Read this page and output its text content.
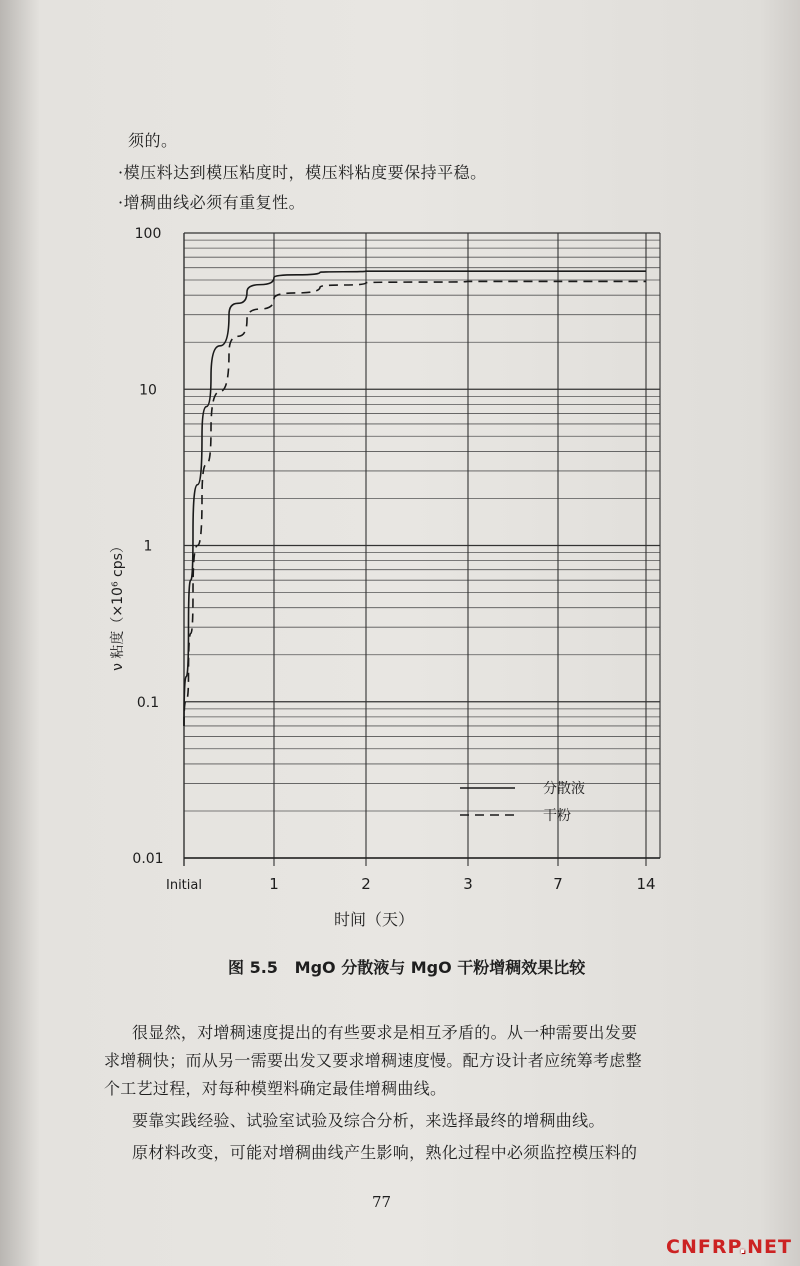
须的。
·模压料达到模压粘度时，模压料粘度要保持平稳。
·增稠曲线必须有重复性。
100
10
1
0.1
0.01
Initial	1	2	3	7	14
分散液
干粉
时间（天）
ν 粘度（×10⁶ cps）
图 5.5 MgO 分散液与 MgO 干粉增稠效果比较
很显然，对增稠速度提出的有些要求是相互矛盾的。从一种需要出发要
求增稠快；而从另一需要出发又要求增稠速度慢。配方设计者应统筹考虑整
个工艺过程，对每种模塑料确定最佳增稠曲线。
要靠实践经验、试验室试验及综合分析，来选择最终的增稠曲线。
原材料改变，可能对增稠曲线产生影响，熟化过程中必须监控模压料的
77
CNFRP.NET
